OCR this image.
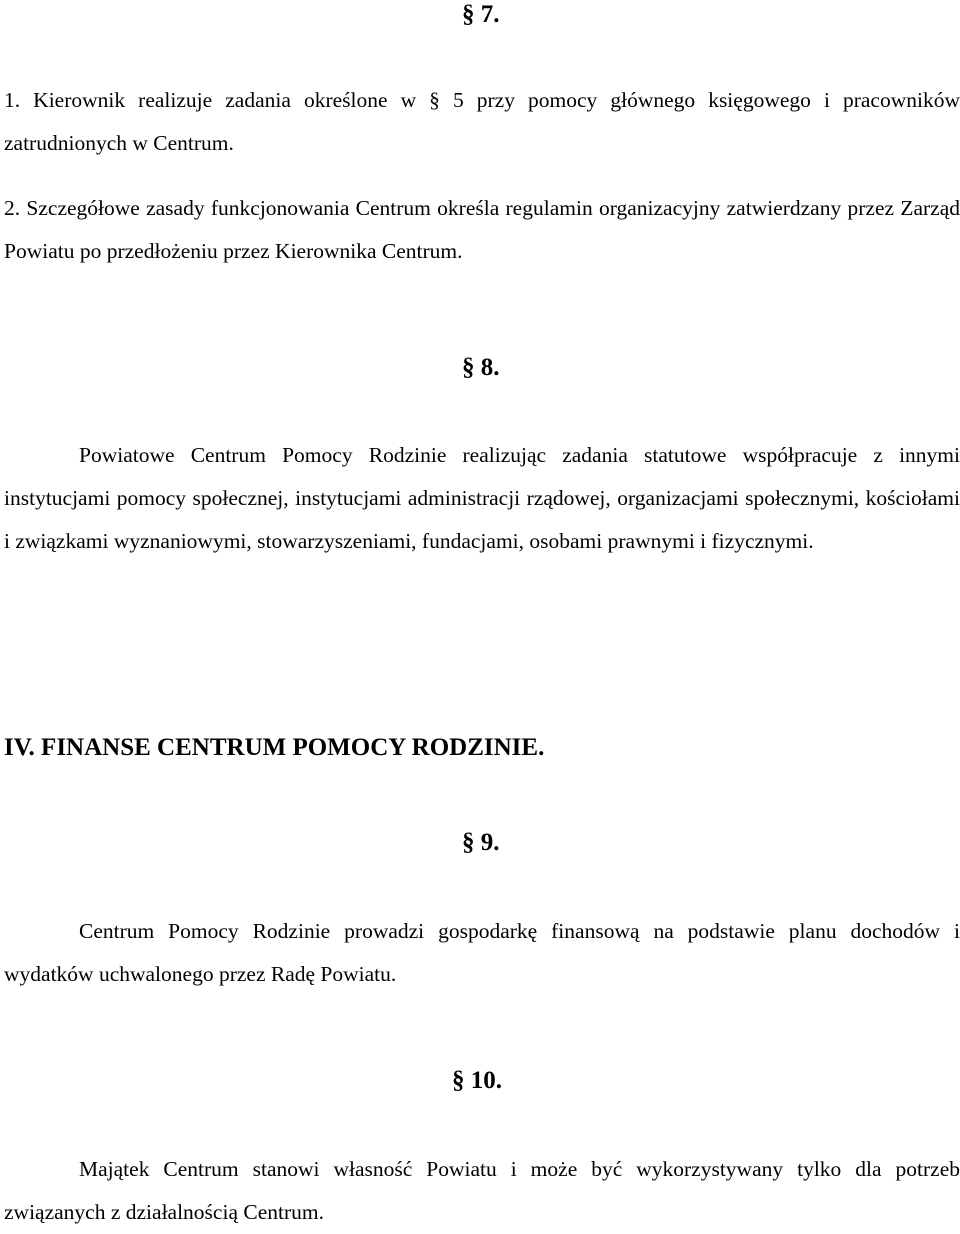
§ 7.

1. Kierownik realizuje zadania określone w § 5 przy pomocy głównego księgowego i pracowników zatrudnionych w Centrum.

2. Szczegółowe zasady funkcjonowania Centrum określa regulamin organizacyjny zatwierdzany przez Zarząd Powiatu po przedłożeniu przez Kierownika Centrum.

§ 8.

Powiatowe Centrum Pomocy Rodzinie realizując zadania statutowe współpracuje z innymi instytucjami pomocy społecznej, instytucjami administracji rządowej, organizacjami społecznymi, kościołami i związkami wyznaniowymi, stowarzyszeniami, fundacjami, osobami prawnymi i fizycznymi.

IV. FINANSE CENTRUM POMOCY RODZINIE.
§ 9.

Centrum Pomocy Rodzinie prowadzi gospodarkę finansową na podstawie planu dochodów i wydatków uchwalonego przez Radę Powiatu.

§ 10.

Majątek Centrum stanowi własność Powiatu i może być wykorzystywany tylko dla potrzeb związanych z działalnością Centrum.
